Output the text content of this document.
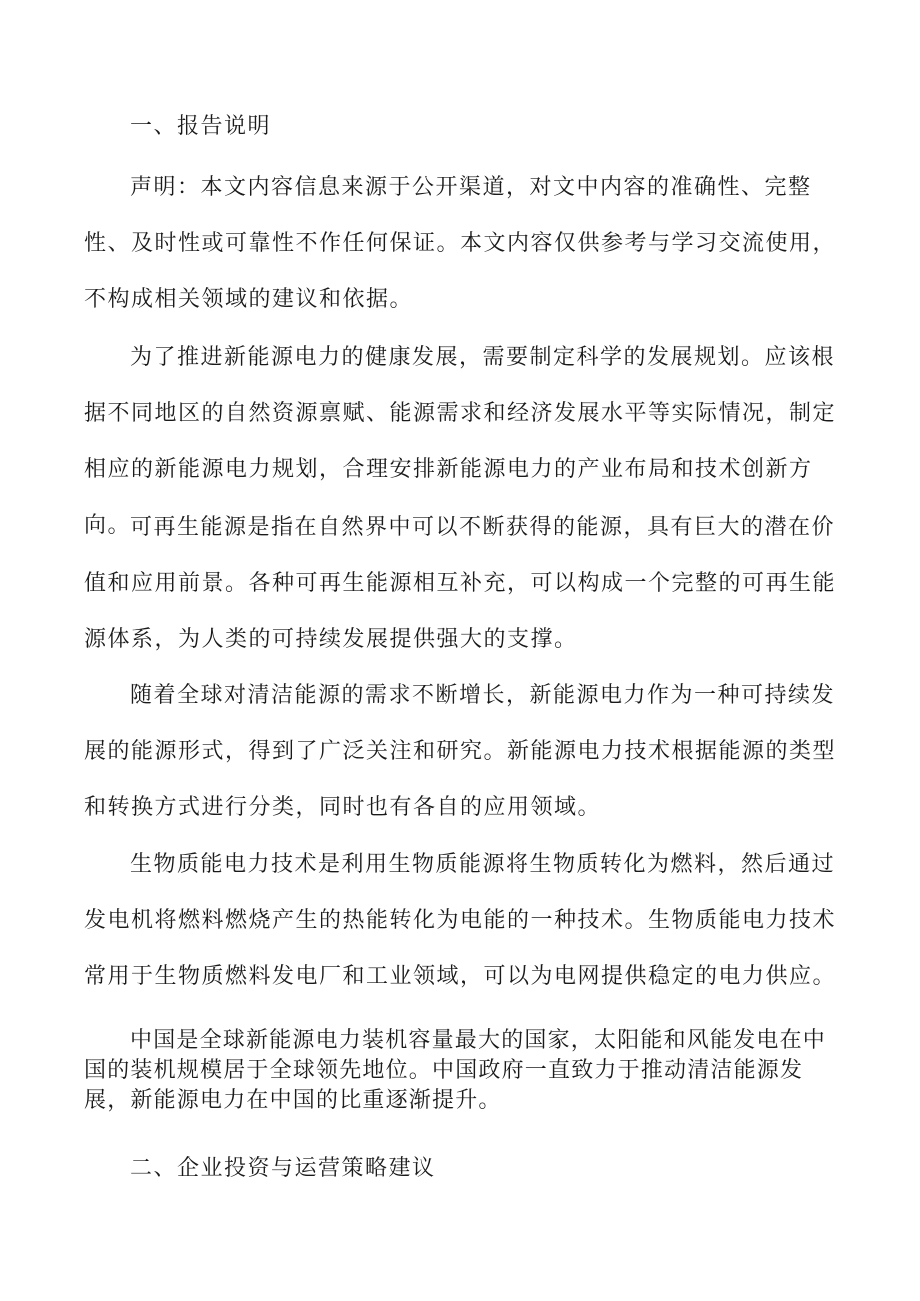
一、报告说明

声明：本文内容信息来源于公开渠道，对文中内容的准确性、完整性、及时性或可靠性不作任何保证。本文内容仅供参考与学习交流使用，不构成相关领域的建议和依据。

为了推进新能源电力的健康发展，需要制定科学的发展规划。应该根据不同地区的自然资源禀赋、能源需求和经济发展水平等实际情况，制定相应的新能源电力规划，合理安排新能源电力的产业布局和技术创新方向。

可再生能源是指在自然界中可以不断获得的能源，具有巨大的潜在价值和应用前景。各种可再生能源相互补充，可以构成一个完整的可再生能源体系，为人类的可持续发展提供强大的支撑。

随着全球对清洁能源的需求不断增长，新能源电力作为一种可持续发展的能源形式，得到了广泛关注和研究。新能源电力技术根据能源的类型和转换方式进行分类，同时也有各自的应用领域。

生物质能电力技术是利用生物质能源将生物质转化为燃料，然后通过发电机将燃料燃烧产生的热能转化为电能的一种技术。生物质能电力技术常用于生物质燃料发电厂和工业领域，可以为电网提供稳定的电力供应。

中国是全球新能源电力装机容量最大的国家，太阳能和风能发电在中国的装机规模居于全球领先地位。中国政府一直致力于推动清洁能源发展，新能源电力在中国的比重逐渐提升。

二、企业投资与运营策略建议
